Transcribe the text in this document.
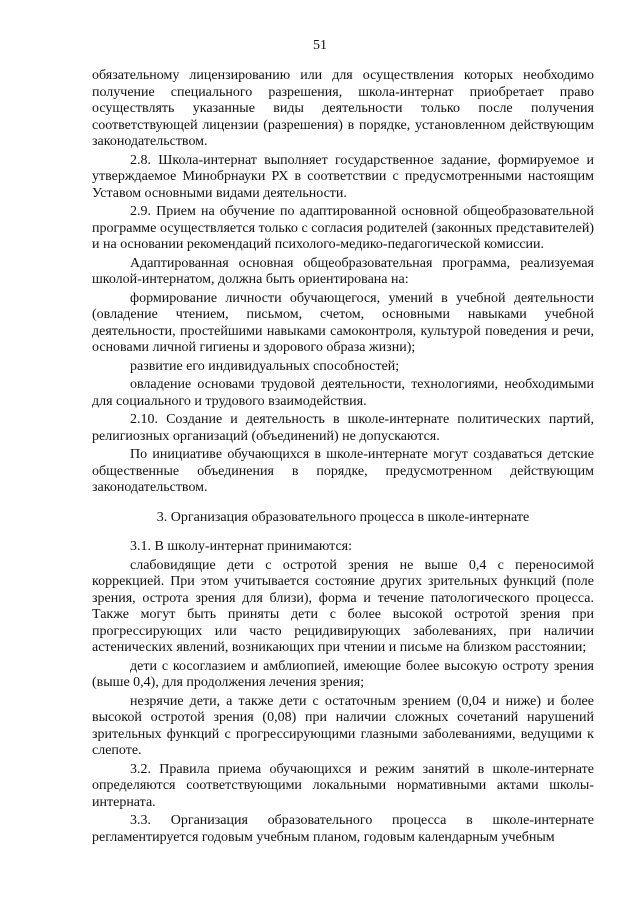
51

обязательному лицензированию или для осуществления которых необходимо получение специального разрешения, школа-интернат приобретает право осуществлять указанные виды деятельности только после получения соответствующей лицензии (разрешения) в порядке, установленном действующим законодательством.

2.8. Школа-интернат выполняет государственное задание, формируемое и утверждаемое Минобрнауки РХ в соответствии с предусмотренными настоящим Уставом основными видами деятельности.

2.9. Прием на обучение по адаптированной основной общеобразовательной программе осуществляется только с согласия родителей (законных представителей) и на основании рекомендаций психолого-медико-педагогической комиссии.

Адаптированная основная общеобразовательная программа, реализуемая школой-интернатом, должна быть ориентирована на:

формирование личности обучающегося, умений в учебной деятельности (овладение чтением, письмом, счетом, основными навыками учебной деятельности, простейшими навыками самоконтроля, культурой поведения и речи, основами личной гигиены и здорового образа жизни);

развитие его индивидуальных способностей;

овладение основами трудовой деятельности, технологиями, необходимыми для социального и трудового взаимодействия.

2.10. Создание и деятельность в школе-интернате политических партий, религиозных организаций (объединений) не допускаются.

По инициативе обучающихся в школе-интернате могут создаваться детские общественные объединения в порядке, предусмотренном действующим законодательством.

3. Организация образовательного процесса в школе-интернате

3.1. В школу-интернат принимаются:

слабовидящие дети с остротой зрения не выше 0,4 с переносимой коррекцией. При этом учитывается состояние других зрительных функций (поле зрения, острота зрения для близи), форма и течение патологического процесса. Также могут быть приняты дети с более высокой остротой зрения при прогрессирующих или часто рецидивирующих заболеваниях, при наличии астенических явлений, возникающих при чтении и письме на близком расстоянии;

дети с косоглазием и амблиопией, имеющие более высокую остроту зрения (выше 0,4), для продолжения лечения зрения;

незрячие дети, а также дети с остаточным зрением (0,04 и ниже) и более высокой остротой зрения (0,08) при наличии сложных сочетаний нарушений зрительных функций с прогрессирующими глазными заболеваниями, ведущими к слепоте.

3.2. Правила приема обучающихся и режим занятий в школе-интернате определяются соответствующими локальными нормативными актами школы-интерната.

3.3. Организация образовательного процесса в школе-интернате регламентируется годовым учебным планом, годовым календарным учебным
